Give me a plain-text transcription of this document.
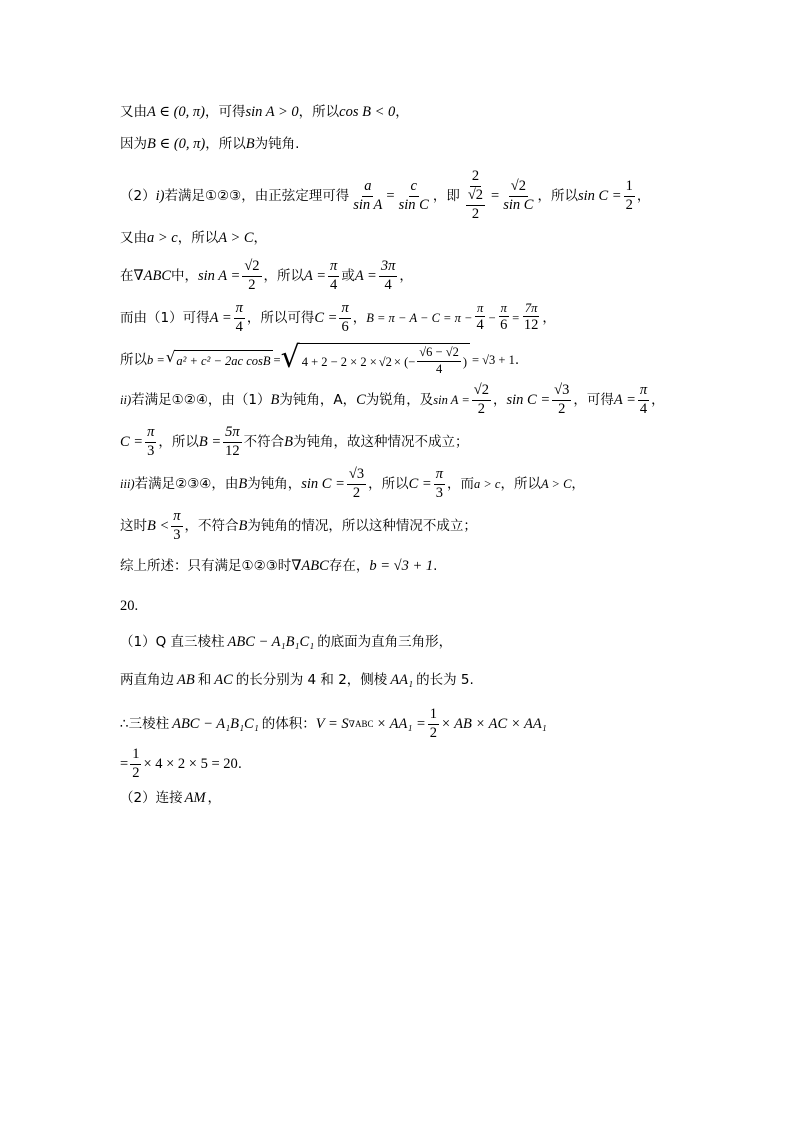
又由 A ∈ (0, π) ，可得 sin A > 0 ，所以 cos B < 0 ，
因为 B ∈ (0, π) ，所以 B 为钝角.
（2） i) 若满足①②③，由正弦定理可得 $\frac{a}{\text{sin A}} = \frac{c}{\text{sin C}}$ ，即 $\frac{2}{\frac{√2}{2}} = \frac{√2}{\text{sin C}}$ ，所以 $\sin C = \frac{1}{2}$ ，
又由 a > c ，所以 A > C ，
在 ∇ABC 中， $\sin A = \frac{√2}{2}$ ，所以 $A = \frac{\pi}{4}$ 或 $A = \frac{3\pi}{4}$ ，
而由（1）可得 $A = \frac{\pi}{4}$ ，所以可得 $C = \frac{\pi}{6}$ ， $B = \pi - A - C = \pi - \frac{\pi}{4} - \frac{\pi}{6} = \frac{7\pi}{12}$ ，
所以 b = √ a² + c² − 2ac cosB = √ 4 + 2 − 2 × 2 × √2 × (− $\frac{√6 - √2}{4}$ ) = √3 + 1 .
ii) 若满足①②④，由（1） B 为钝角，A， C 为锐角，及 $\sin A = \frac{√2}{2}$ ， $\sin C = \frac{√3}{2}$ ，可得 $A = \frac{\pi}{4}$ ，
$C = \frac{\pi}{3}$ ，所以 $B = \frac{5\pi}{12}$ 不符合 B 为钝角，故这种情况不成立；
iii) 若满足②③④，由 B 为钝角， $\sin C = \frac{√3}{2}$ ，所以 $C = \frac{\pi}{3}$ ，而 a > c ，所以 A > C ，
这时 $B < \frac{\pi}{3}$ ，不符合 B 为钝角的情况，所以这种情况不成立；
综上所述：只有满足①②③时 ∇ABC 存在， b = √3 + 1 .
20.
（1）Q 直三棱柱 ABC − A₁B₁C₁ 的底面为直角三角形，
两直角边 AB 和 AC 的长分别为 4 和 2，侧棱 AA₁ 的长为 5.
∴三棱柱 ABC − A₁B₁C₁ 的体积： V = S $\nabla ABC \times AA_1 = \frac{1}{2}$ × AB × AC × AA₁
= $\frac{1}{2} \times 4 \times 2 \times 5 = 20$ .
（2）连接 AM ，
